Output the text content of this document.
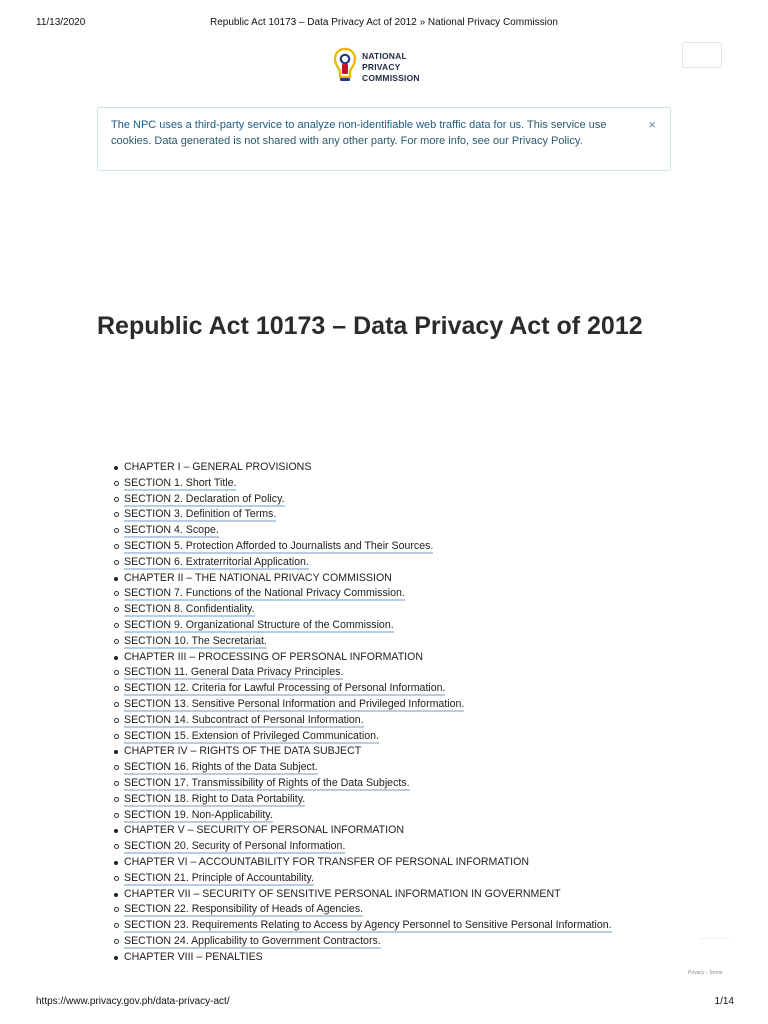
11/13/2020	Republic Act 10173 – Data Privacy Act of 2012 » National Privacy Commission
NATIONAL
PRIVACY
COMMISSION
The NPC uses a third-party service to analyze non-identifiable web traffic data for us. This service use cookies. Data generated is not shared with any other party. For more info, see our Privacy Policy.
×
Republic Act 10173 – Data Privacy Act of 2012
CHAPTER I – GENERAL PROVISIONS
SECTION 1. Short Title.
SECTION 2. Declaration of Policy.
SECTION 3. Definition of Terms.
SECTION 4. Scope.
SECTION 5. Protection Afforded to Journalists and Their Sources.
SECTION 6. Extraterritorial Application.
CHAPTER II – THE NATIONAL PRIVACY COMMISSION
SECTION 7. Functions of the National Privacy Commission.
SECTION 8. Confidentiality.
SECTION 9. Organizational Structure of the Commission.
SECTION 10. The Secretariat.
CHAPTER III – PROCESSING OF PERSONAL INFORMATION
SECTION 11. General Data Privacy Principles.
SECTION 12. Criteria for Lawful Processing of Personal Information.
SECTION 13. Sensitive Personal Information and Privileged Information.
SECTION 14. Subcontract of Personal Information.
SECTION 15. Extension of Privileged Communication.
CHAPTER IV – RIGHTS OF THE DATA SUBJECT
SECTION 16. Rights of the Data Subject.
SECTION 17. Transmissibility of Rights of the Data Subjects.
SECTION 18. Right to Data Portability.
SECTION 19. Non-Applicability.
CHAPTER V – SECURITY OF PERSONAL INFORMATION
SECTION 20. Security of Personal Information.
CHAPTER VI – ACCOUNTABILITY FOR TRANSFER OF PERSONAL INFORMATION
SECTION 21. Principle of Accountability.
CHAPTER VII – SECURITY OF SENSITIVE PERSONAL INFORMATION IN GOVERNMENT
SECTION 22. Responsibility of Heads of Agencies.
SECTION 23. Requirements Relating to Access by Agency Personnel to Sensitive Personal Information.
SECTION 24. Applicability to Government Contractors.
CHAPTER VIII – PENALTIES
Privacy - Terms
https://www.privacy.gov.ph/data-privacy-act/	1/14
